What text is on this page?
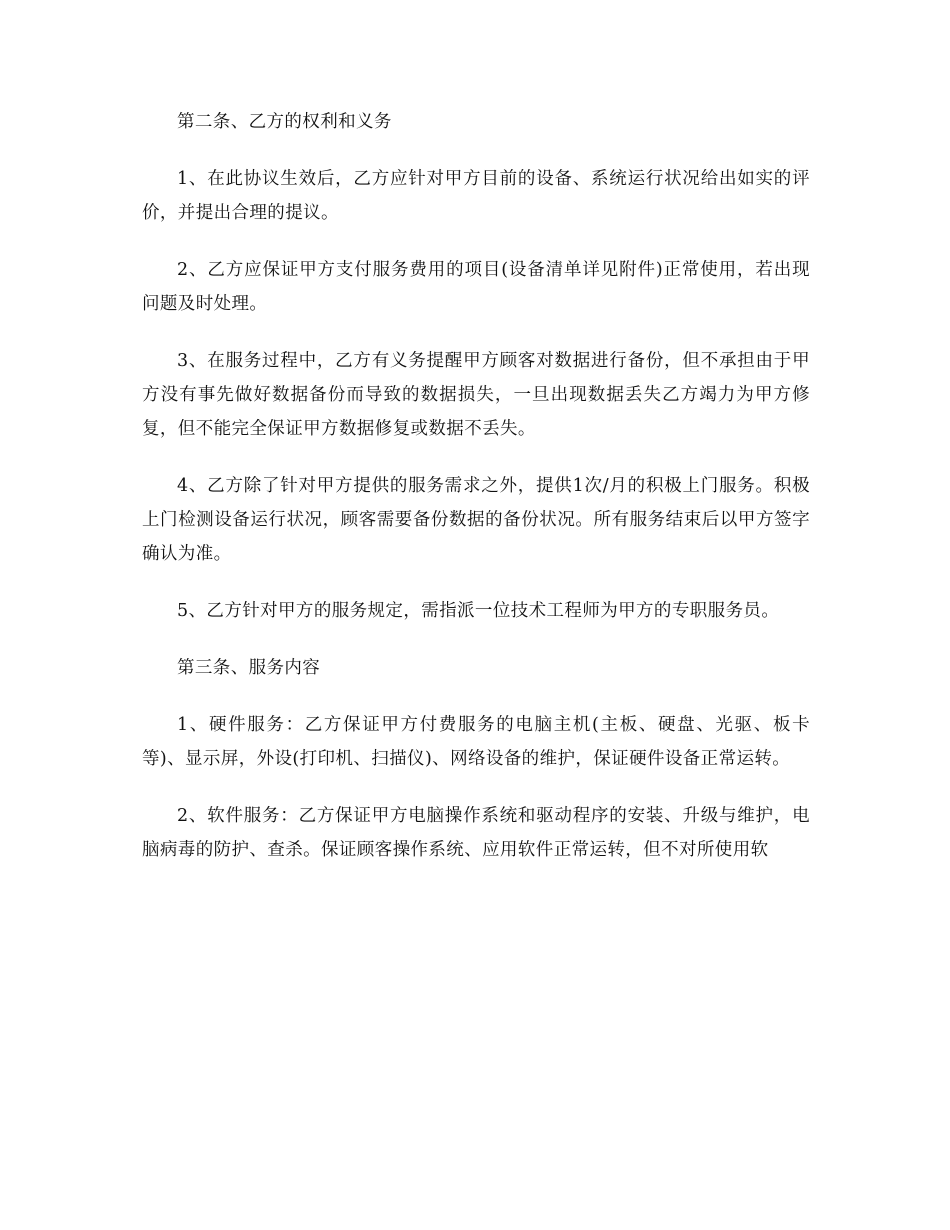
第二条、乙方的权利和义务

1、在此协议生效后，乙方应针对甲方目前的设备、系统运行状况给出如实的评价，并提出合理的提议。

2、乙方应保证甲方支付服务费用的项目(设备清单详见附件)正常使用，若出现问题及时处理。

3、在服务过程中，乙方有义务提醒甲方顾客对数据进行备份，但不承担由于甲方没有事先做好数据备份而导致的数据损失，一旦出现数据丢失乙方竭力为甲方修复，但不能完全保证甲方数据修复或数据不丢失。

4、乙方除了针对甲方提供的服务需求之外，提供1次/月的积极上门服务。积极上门检测设备运行状况，顾客需要备份数据的备份状况。所有服务结束后以甲方签字确认为准。

5、乙方针对甲方的服务规定，需指派一位技术工程师为甲方的专职服务员。

第三条、服务内容

1、硬件服务：乙方保证甲方付费服务的电脑主机(主板、硬盘、光驱、板卡等)、显示屏，外设(打印机、扫描仪)、网络设备的维护，保证硬件设备正常运转。

2、软件服务：乙方保证甲方电脑操作系统和驱动程序的安装、升级与维护，电脑病毒的防护、查杀。保证顾客操作系统、应用软件正常运转，但不对所使用软
